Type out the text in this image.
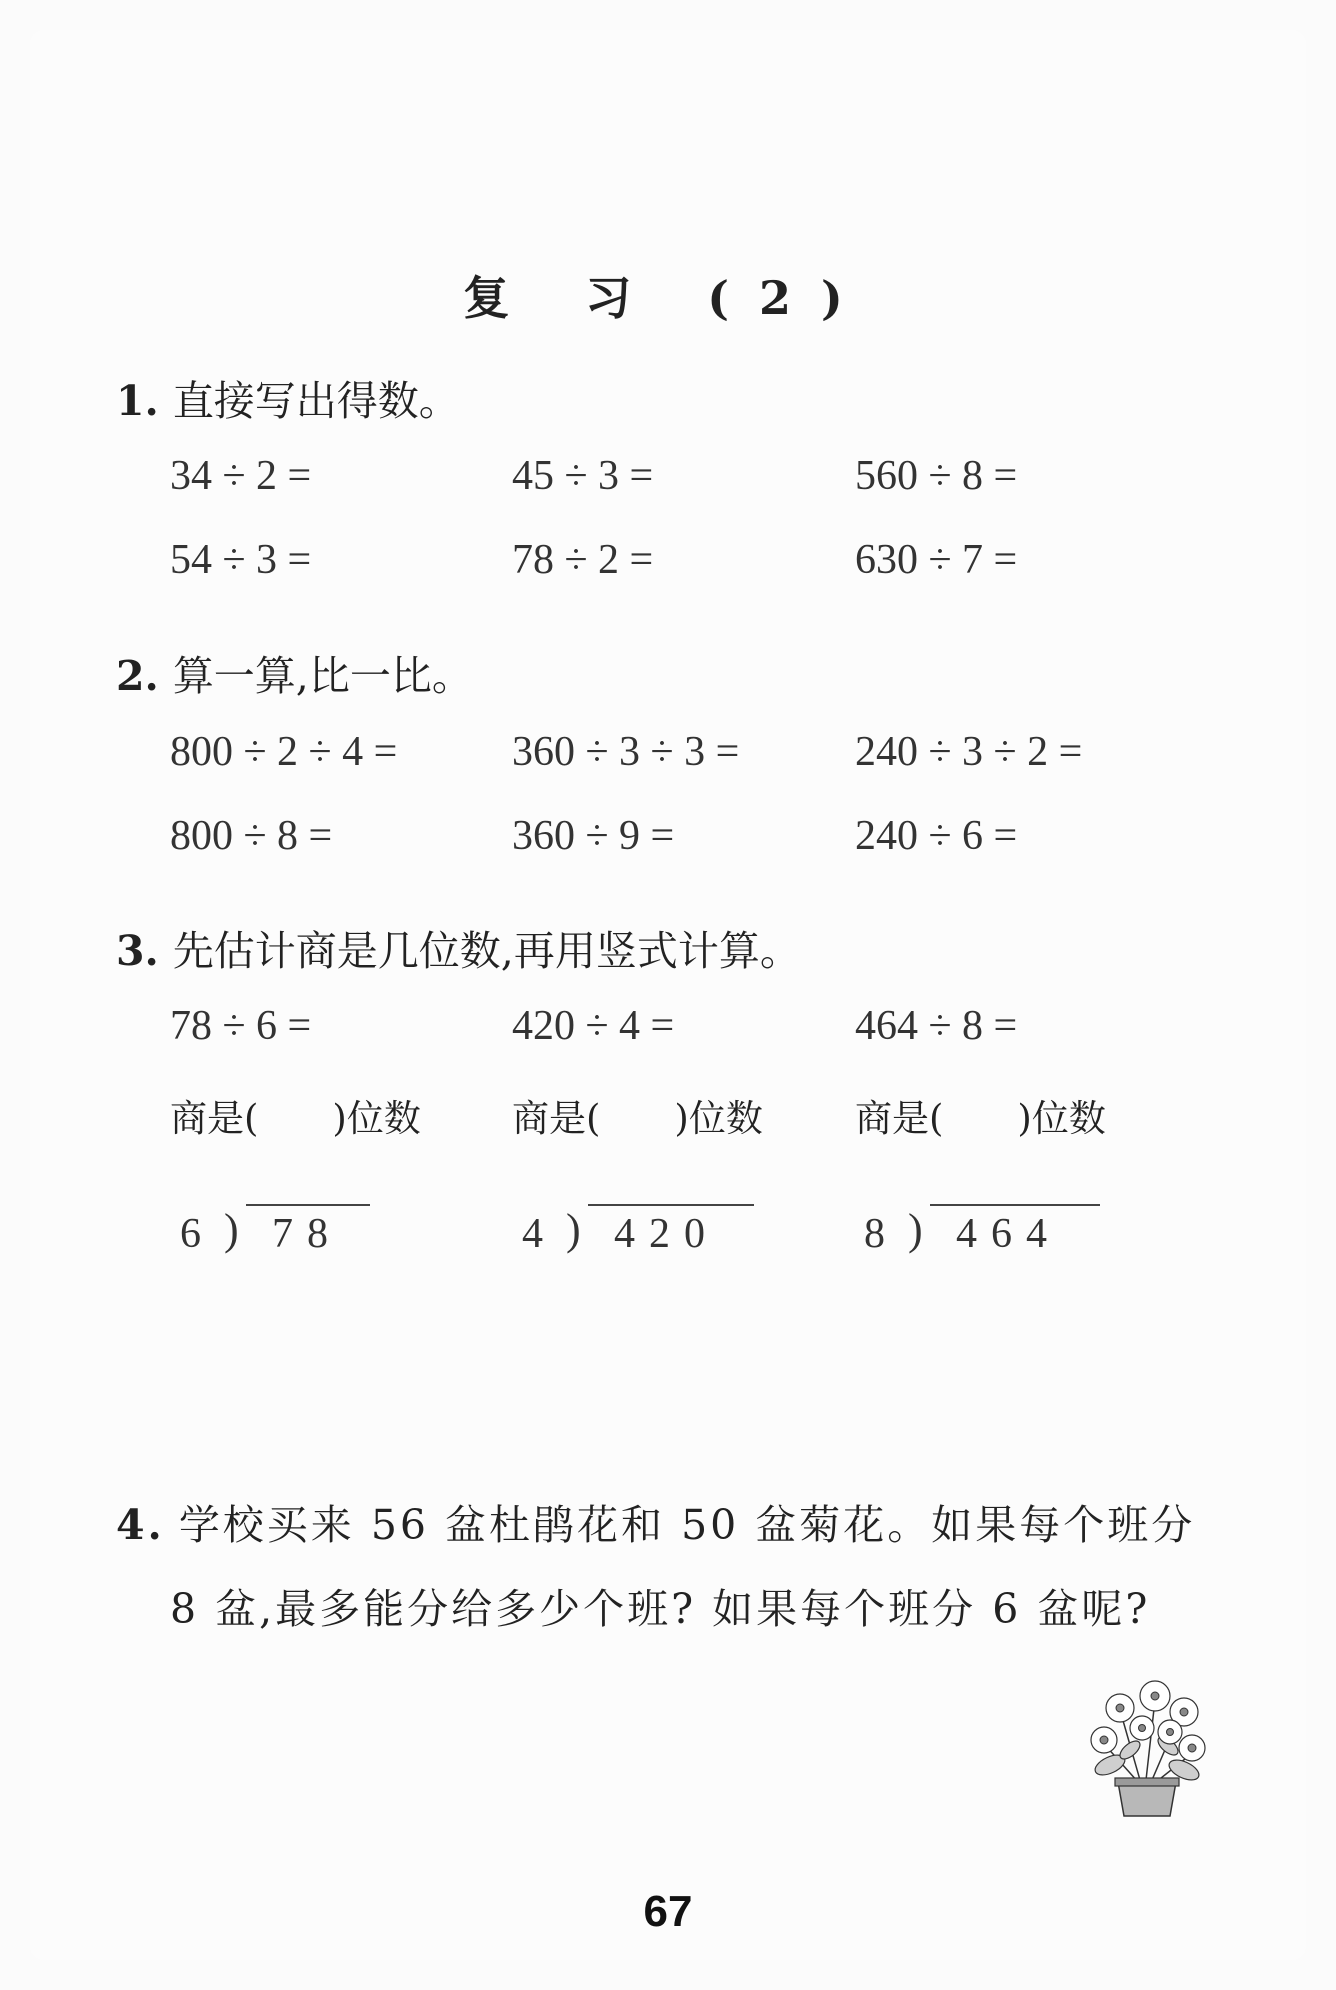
复 习 (2)
1. 直接写出得数。
34 ÷ 2 =	45 ÷ 3 =	560 ÷ 8 =
54 ÷ 3 =	78 ÷ 2 =	630 ÷ 7 =
2. 算一算,比一比。
800 ÷ 2 ÷ 4 =	360 ÷ 3 ÷ 3 =	240 ÷ 3 ÷ 2 =
800 ÷ 8 =	360 ÷ 9 =	240 ÷ 6 =
3. 先估计商是几位数,再用竖式计算。
78 ÷ 6 =	420 ÷ 4 =	464 ÷ 8 =
商是(　　)位数 商是(　　)位数 商是(　　)位数
6 ) 78	4 ) 420	8 ) 464
4. 学校买来 56 盆杜鹃花和 50 盆菊花。如果每个班分
8 盆,最多能分给多少个班? 如果每个班分 6 盆呢?
67
